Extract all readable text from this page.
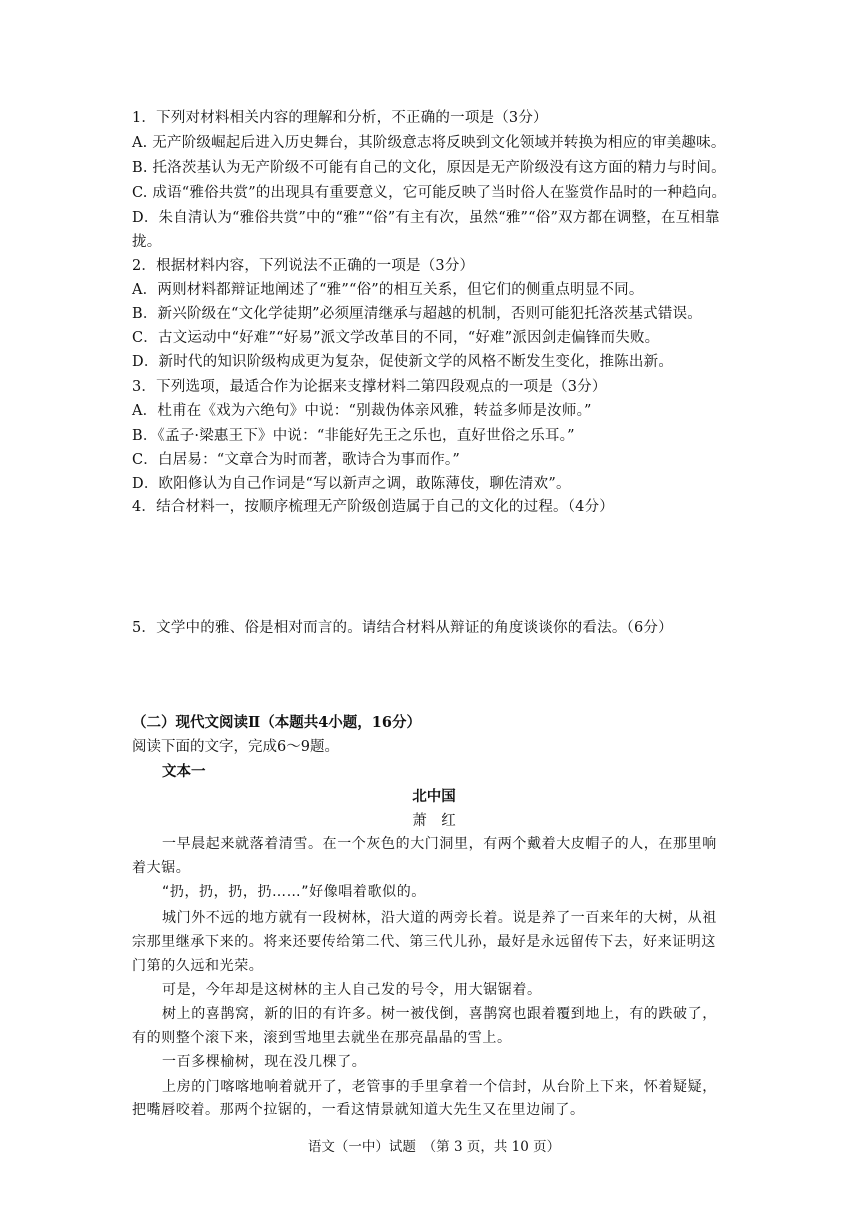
1．下列对材料相关内容的理解和分析，不正确的一项是（3分）
A. 无产阶级崛起后进入历史舞台，其阶级意志将反映到文化领域并转换为相应的审美趣味。
B. 托洛茨基认为无产阶级不可能有自己的文化，原因是无产阶级没有这方面的精力与时间。
C. 成语“雅俗共赏”的出现具有重要意义，它可能反映了当时俗人在鉴赏作品时的一种趋向。
D．朱自清认为“雅俗共赏”中的“雅”“俗”有主有次，虽然“雅”“俗”双方都在调整，在互相靠
拢。
2．根据材料内容，下列说法不正确的一项是（3分）
A．两则材料都辩证地阐述了“雅”“俗”的相互关系，但它们的侧重点明显不同。
B．新兴阶级在“文化学徒期”必须厘清继承与超越的机制，否则可能犯托洛茨基式错误。
C．古文运动中“好难”“好易”派文学改革目的不同，“好难”派因剑走偏锋而失败。
D．新时代的知识阶级构成更为复杂，促使新文学的风格不断发生变化，推陈出新。
3．下列选项，最适合作为论据来支撑材料二第四段观点的一项是（3分）
A．杜甫在《戏为六绝句》中说：“别裁伪体亲风雅，转益多师是汝师。”
B．《孟子·梁惠王下》中说：“非能好先王之乐也，直好世俗之乐耳。”
C．白居易：“文章合为时而著，歌诗合为事而作。”
D．欧阳修认为自己作词是“写以新声之调，敢陈薄伎，聊佐清欢”。
4．结合材料一，按顺序梳理无产阶级创造属于自己的文化的过程。（4分）
5．文学中的雅、俗是相对而言的。请结合材料从辩证的角度谈谈你的看法。（6分）
（二）现代文阅读Ⅱ（本题共4小题，16分）
阅读下面的文字，完成6～9题。
文本一
北中国
萧　红
一早晨起来就落着清雪。在一个灰色的大门洞里，有两个戴着大皮帽子的人，在那里响
着大锯。
“扔，扔，扔，扔……”好像唱着歌似的。
城门外不远的地方就有一段树林，沿大道的两旁长着。说是养了一百来年的大树，从祖
宗那里继承下来的。将来还要传给第二代、第三代儿孙，最好是永远留传下去，好来证明这
门第的久远和光荣。
可是，今年却是这树林的主人自己发的号令，用大锯锯着。
树上的喜鹊窝，新的旧的有许多。树一被伐倒，喜鹊窝也跟着覆到地上，有的跌破了，
有的则整个滚下来，滚到雪地里去就坐在那亮晶晶的雪上。
一百多棵榆树，现在没几棵了。
上房的门喀喀地响着就开了，老管事的手里拿着一个信封，从台阶上下来，怀着疑疑，
把嘴唇咬着。那两个拉锯的，一看这情景就知道大先生又在里边闹了。
语文（一中）试题　（第 3 页，共 10 页）
